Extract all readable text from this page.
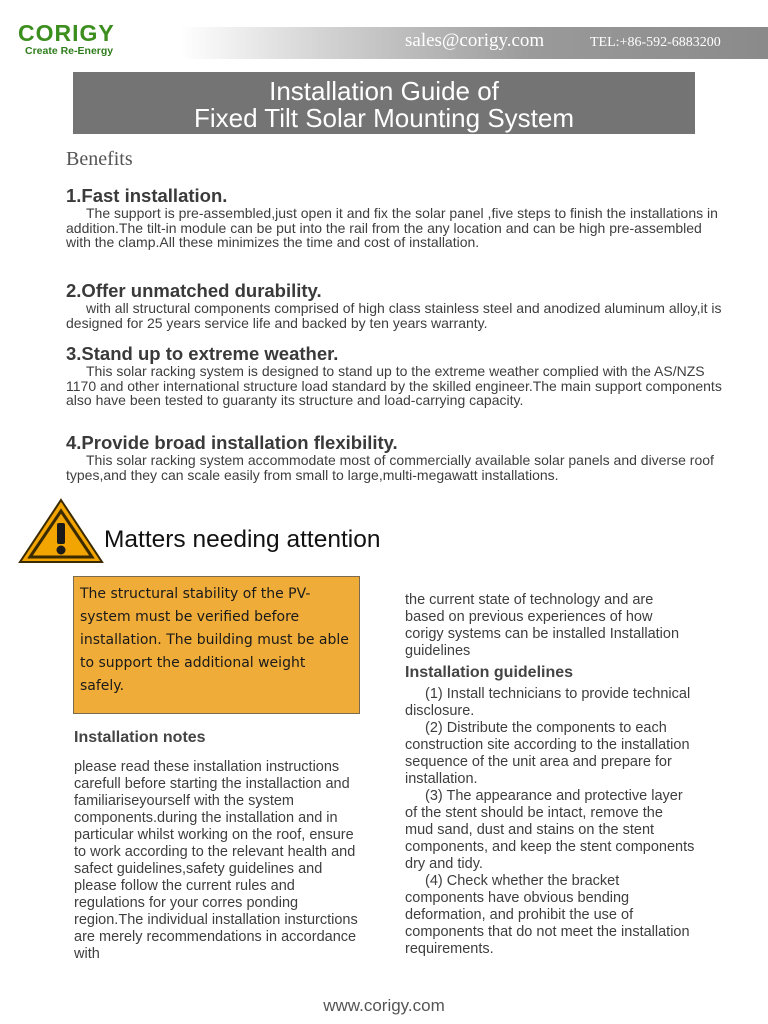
CORIGY
Create Re-Energy	sales@corigy.com	TEL:+86-592-6883200
Installation Guide of
Fixed Tilt Solar Mounting System
Benefits
1.Fast installation.

The support is pre-assembled,just open it and fix the solar panel ,five steps to finish the installations in addition.The tilt-in module can be put into the rail from the any location and can be high pre-assembled with the clamp.All these minimizes the time and cost of installation.

2.Offer unmatched durability.

with all structural components comprised of high class stainless steel and anodized aluminum alloy,it is designed for 25 years service life and backed by ten years warranty.

3.Stand up to extreme weather.

This solar racking system is designed to stand up to the extreme weather complied with the AS/NZS 1170 and other international structure load standard by the skilled engineer.The main support components also have been tested to guaranty its structure and load-carrying capacity.

4.Provide broad installation flexibility.

This solar racking system accommodate most of commercially available solar panels and diverse roof types,and they can scale easily from small to large,multi-megawatt installations.

Matters needing attention

The structural stability of the PV-system must be verified before installation. The building must be able to support the additional weight safely.

Installation notes

please read these installation instructions carefull before starting the installaction and familiariseyourself with the system components.during the installation and in particular whilst working on the roof, ensure to work according to the relevant health and safect guidelines,safety guidelines and please follow the current rules and regulations for your corres ponding region.The individual installation insturctions are merely recommendations in accordance with

the current state of technology and are based on previous experiences of how corigy systems can be installed Installation guidelines

Installation guidelines
(1) Install technicians to provide technical disclosure.
(2) Distribute the components to each construction site according to the installation sequence of the unit area and prepare for installation.
(3) The appearance and protective layer of the stent should be intact, remove the mud sand, dust and stains on the stent components, and keep the stent components dry and tidy.
(4) Check whether the bracket components have obvious bending deformation, and prohibit the use of components that do not meet the installation requirements.
www.corigy.com
